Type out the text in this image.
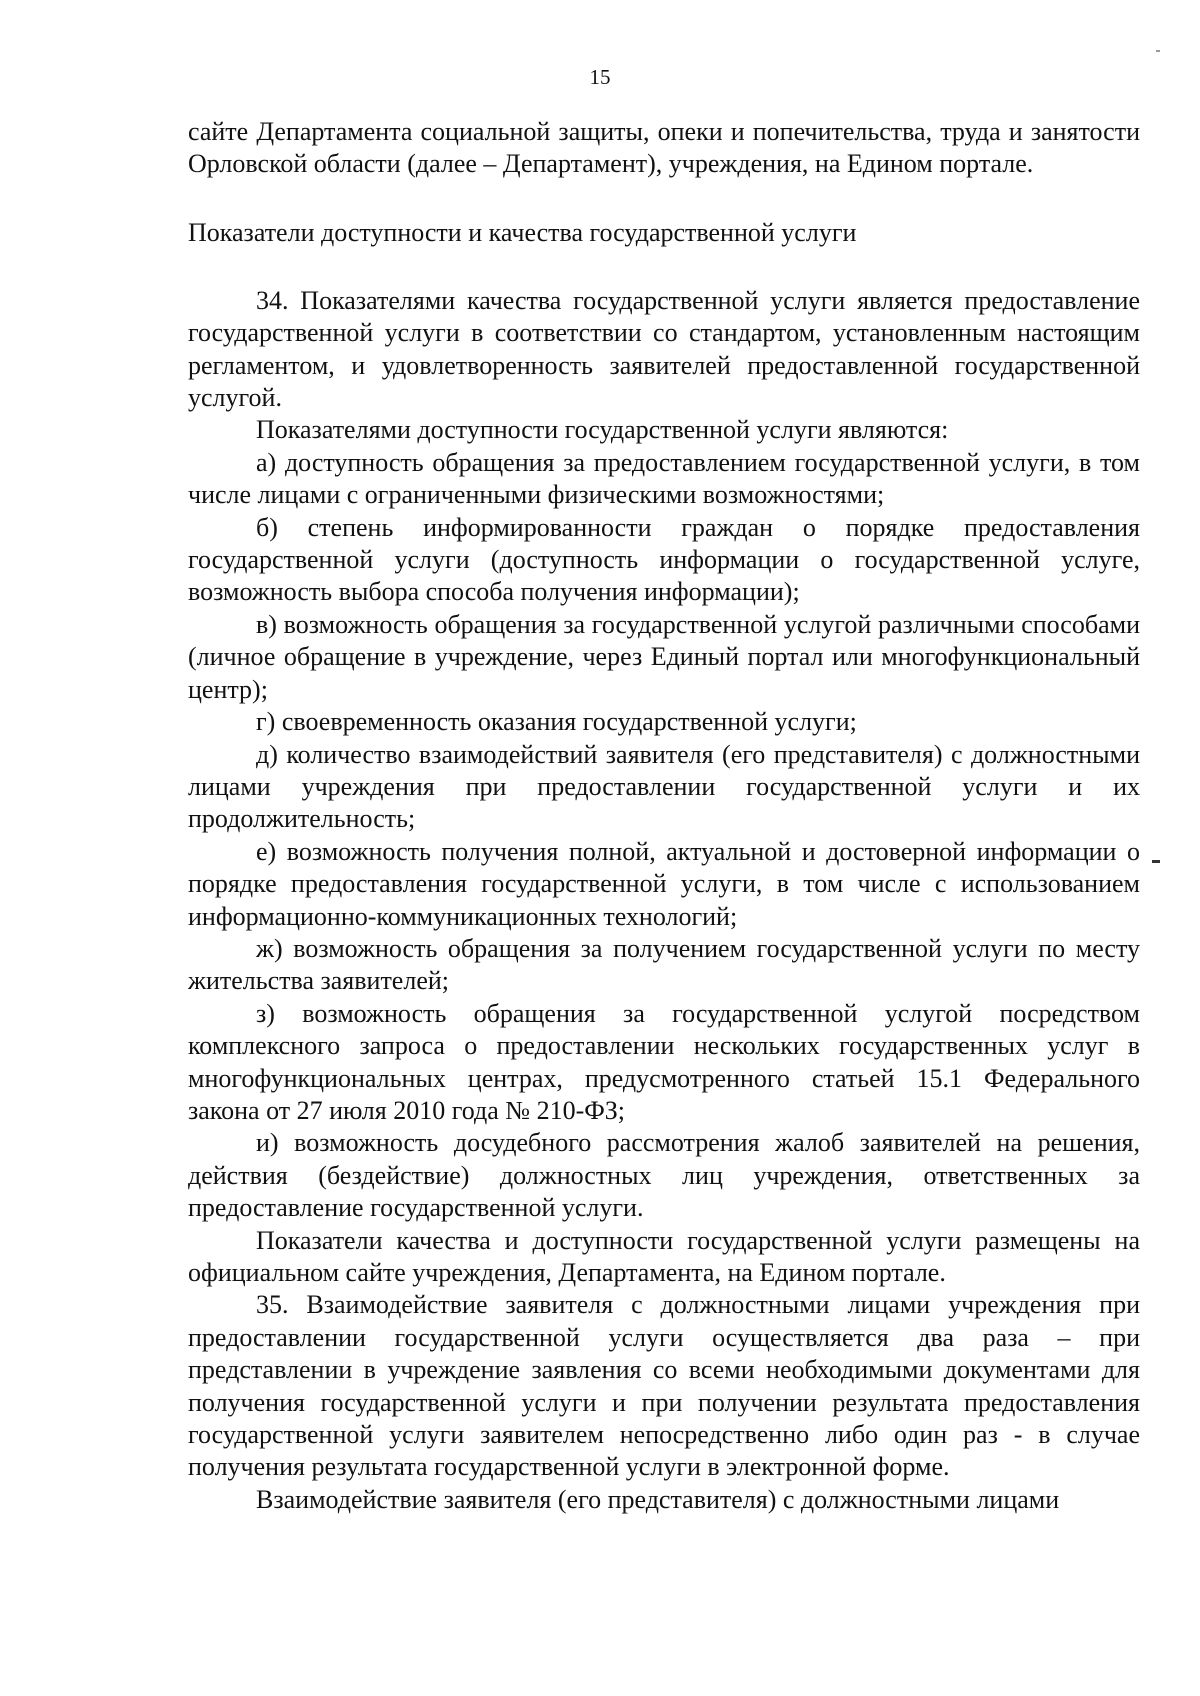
15

сайте Департамента социальной защиты, опеки и попечительства, труда и занятости Орловской области (далее – Департамент), учреждения, на Едином портале.

Показатели доступности и качества государственной услуги

34. Показателями качества государственной услуги является предоставление государственной услуги в соответствии со стандартом, установленным настоящим регламентом, и удовлетворенность заявителей предоставленной государственной услугой.

Показателями доступности государственной услуги являются:

а) доступность обращения за предоставлением государственной услуги, в том числе лицами с ограниченными физическими возможностями;

б) степень информированности граждан о порядке предоставления государственной услуги (доступность информации о государственной услуге, возможность выбора способа получения информации);

в) возможность обращения за государственной услугой различными способами (личное обращение в учреждение, через Единый портал или многофункциональный центр);

г) своевременность оказания государственной услуги;

д) количество взаимодействий заявителя (его представителя) с должностными лицами учреждения при предоставлении государственной услуги и их продолжительность;

е) возможность получения полной, актуальной и достоверной информации о порядке предоставления государственной услуги, в том числе с использованием информационно-коммуникационных технологий;

ж) возможность обращения за получением государственной услуги по месту жительства заявителей;

з) возможность обращения за государственной услугой посредством комплексного запроса о предоставлении нескольких государственных услуг в многофункциональных центрах, предусмотренного статьей 15.1 Федерального закона от 27 июля 2010 года № 210-ФЗ;

и) возможность досудебного рассмотрения жалоб заявителей на решения, действия (бездействие) должностных лиц учреждения, ответственных за предоставление государственной услуги.

Показатели качества и доступности государственной услуги размещены на официальном сайте учреждения, Департамента, на Едином портале.

35. Взаимодействие заявителя с должностными лицами учреждения при предоставлении государственной услуги осуществляется два раза – при представлении в учреждение заявления со всеми необходимыми документами для получения государственной услуги и при получении результата предоставления государственной услуги заявителем непосредственно либо один раз - в случае получения результата государственной услуги в электронной форме.

Взаимодействие заявителя (его представителя) с должностными лицами
